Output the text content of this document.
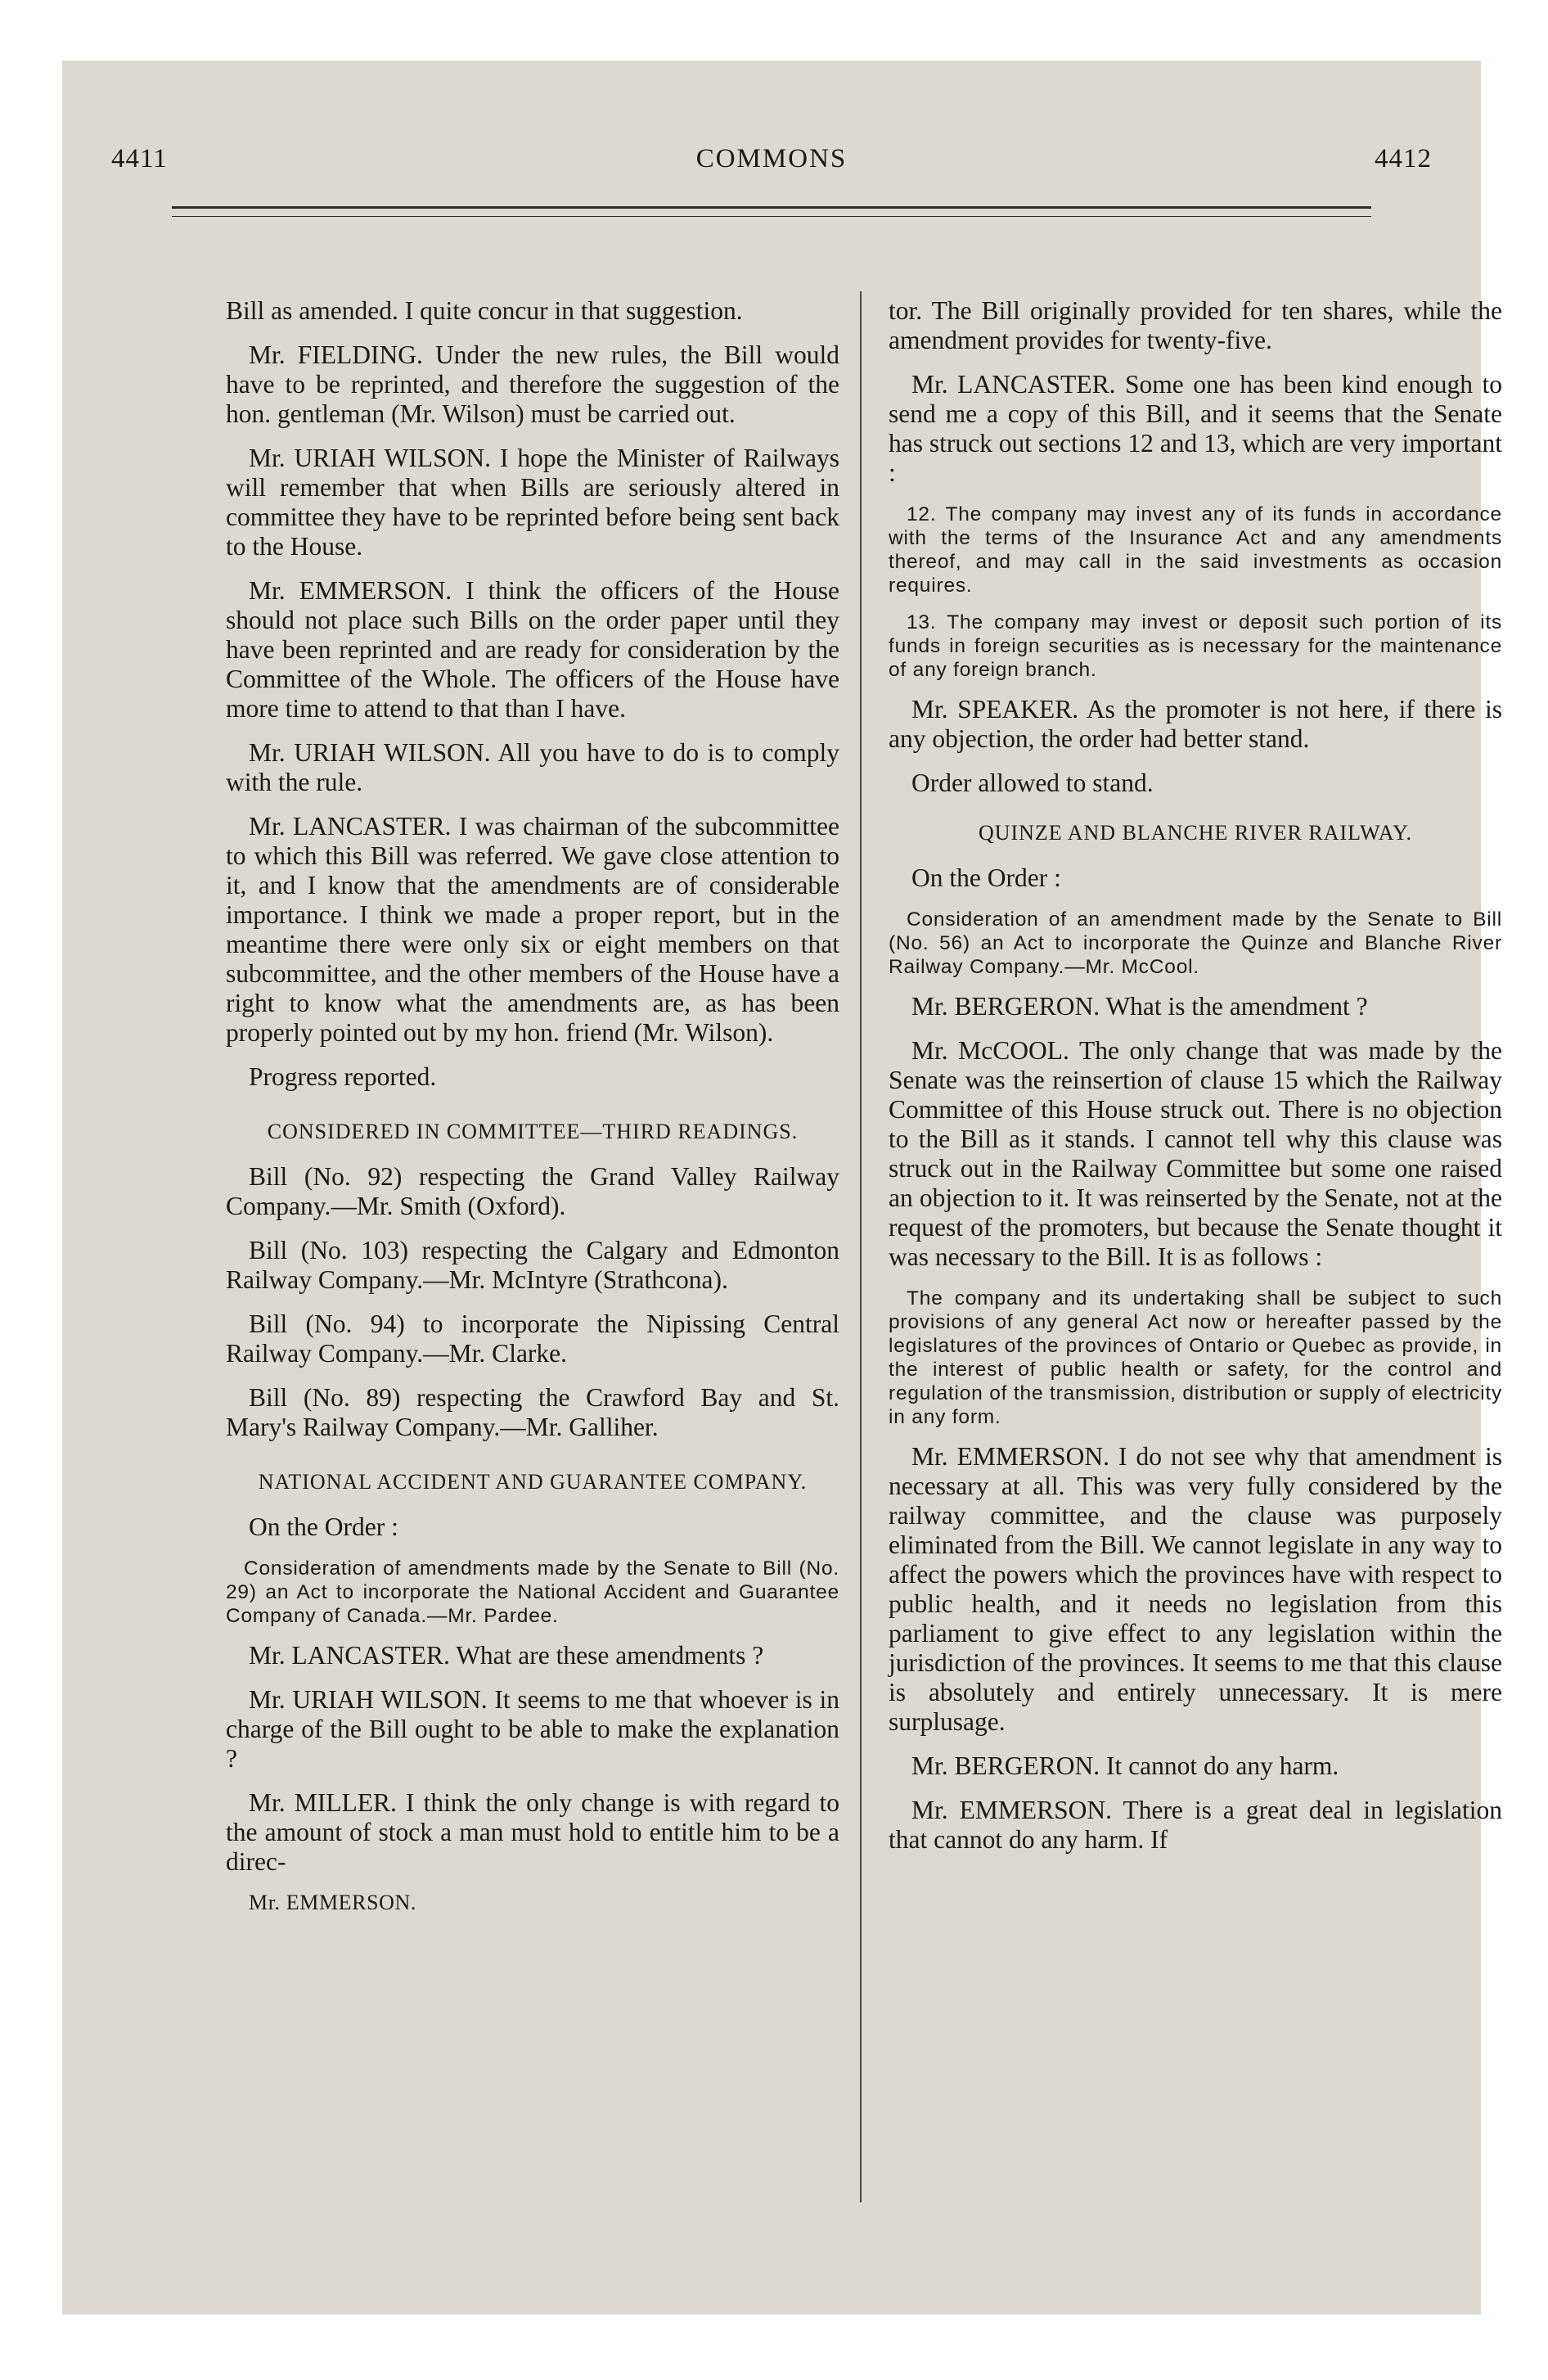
4411	COMMONS	4412

Bill as amended. I quite concur in that suggestion.

Mr. FIELDING. Under the new rules, the Bill would have to be reprinted, and therefore the suggestion of the hon. gentleman (Mr. Wilson) must be carried out.

Mr. URIAH WILSON. I hope the Minister of Railways will remember that when Bills are seriously altered in committee they have to be reprinted before being sent back to the House.

Mr. EMMERSON. I think the officers of the House should not place such Bills on the order paper until they have been reprinted and are ready for consideration by the Committee of the Whole. The officers of the House have more time to attend to that than I have.

Mr. URIAH WILSON. All you have to do is to comply with the rule.

Mr. LANCASTER. I was chairman of the subcommittee to which this Bill was referred. We gave close attention to it, and I know that the amendments are of considerable importance. I think we made a proper report, but in the meantime there were only six or eight members on that subcommittee, and the other members of the House have a right to know what the amendments are, as has been properly pointed out by my hon. friend (Mr. Wilson).

Progress reported.

CONSIDERED IN COMMITTEE—THIRD READINGS.

Bill (No. 92) respecting the Grand Valley Railway Company.—Mr. Smith (Oxford).

Bill (No. 103) respecting the Calgary and Edmonton Railway Company.—Mr. McIntyre (Strathcona).

Bill (No. 94) to incorporate the Nipissing Central Railway Company.—Mr. Clarke.

Bill (No. 89) respecting the Crawford Bay and St. Mary's Railway Company.—Mr. Galliher.

NATIONAL ACCIDENT AND GUARANTEE COMPANY.

On the Order :

Consideration of amendments made by the Senate to Bill (No. 29) an Act to incorporate the National Accident and Guarantee Company of Canada.—Mr. Pardee.

Mr. LANCASTER. What are these amendments ?

Mr. URIAH WILSON. It seems to me that whoever is in charge of the Bill ought to be able to make the explanation ?

Mr. MILLER. I think the only change is with regard to the amount of stock a man must hold to entitle him to be a direc-

Mr. EMMERSON.

tor. The Bill originally provided for ten shares, while the amendment provides for twenty-five.

Mr. LANCASTER. Some one has been kind enough to send me a copy of this Bill, and it seems that the Senate has struck out sections 12 and 13, which are very important :

12. The company may invest any of its funds in accordance with the terms of the Insurance Act and any amendments thereof, and may call in the said investments as occasion requires.

13. The company may invest or deposit such portion of its funds in foreign securities as is necessary for the maintenance of any foreign branch.

Mr. SPEAKER. As the promoter is not here, if there is any objection, the order had better stand.

Order allowed to stand.

QUINZE AND BLANCHE RIVER RAILWAY.

On the Order :

Consideration of an amendment made by the Senate to Bill (No. 56) an Act to incorporate the Quinze and Blanche River Railway Company.—Mr. McCool.

Mr. BERGERON. What is the amendment ?

Mr. McCOOL. The only change that was made by the Senate was the reinsertion of clause 15 which the Railway Committee of this House struck out. There is no objection to the Bill as it stands. I cannot tell why this clause was struck out in the Railway Committee but some one raised an objection to it. It was reinserted by the Senate, not at the request of the promoters, but because the Senate thought it was necessary to the Bill. It is as follows :

The company and its undertaking shall be subject to such provisions of any general Act now or hereafter passed by the legislatures of the provinces of Ontario or Quebec as provide, in the interest of public health or safety, for the control and regulation of the transmission, distribution or supply of electricity in any form.

Mr. EMMERSON. I do not see why that amendment is necessary at all. This was very fully considered by the railway committee, and the clause was purposely eliminated from the Bill. We cannot legislate in any way to affect the powers which the provinces have with respect to public health, and it needs no legislation from this parliament to give effect to any legislation within the jurisdiction of the provinces. It seems to me that this clause is absolutely and entirely unnecessary. It is mere surplusage.

Mr. BERGERON. It cannot do any harm.

Mr. EMMERSON. There is a great deal in legislation that cannot do any harm. If
